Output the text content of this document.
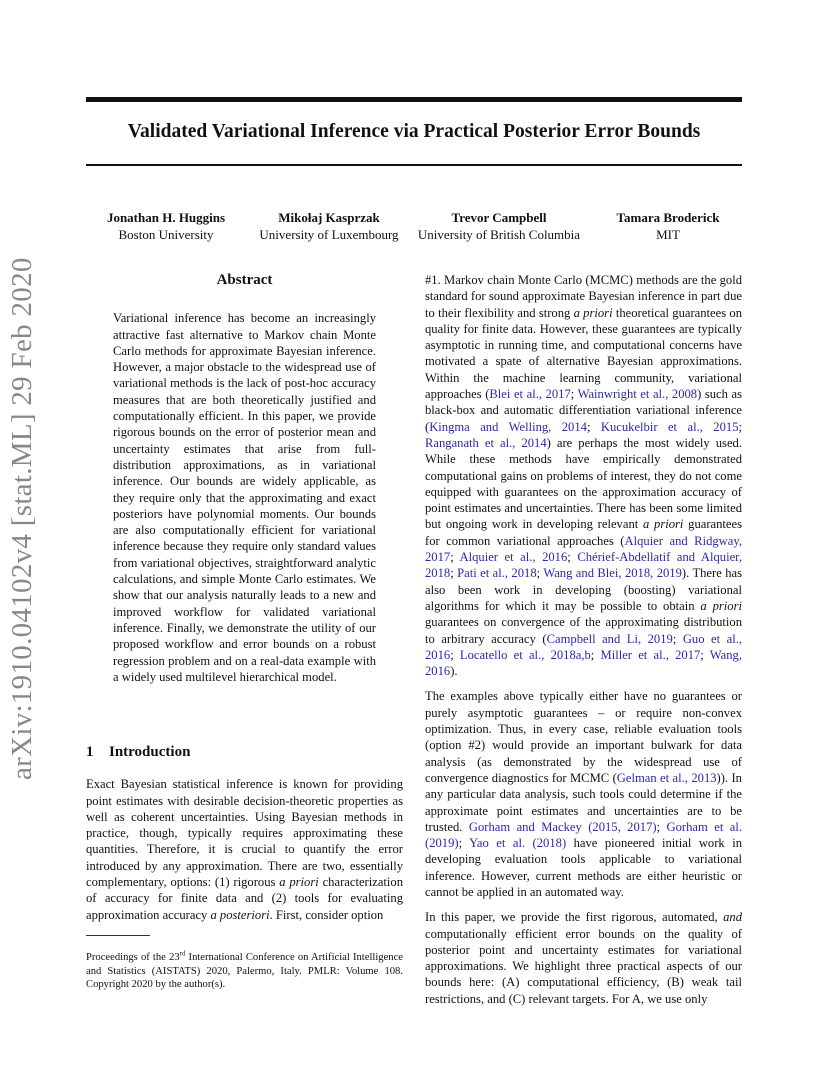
arXiv:1910.04102v4 [stat.ML] 29 Feb 2020
Validated Variational Inference via Practical Posterior Error Bounds
Jonathan H. Huggins
Boston University
Mikołaj Kasprzak
University of Luxembourg
Trevor Campbell
University of British Columbia
Tamara Broderick
MIT
Abstract

Variational inference has become an increasingly attractive fast alternative to Markov chain Monte Carlo methods for approximate Bayesian inference. However, a major obstacle to the widespread use of variational methods is the lack of post-hoc accuracy measures that are both theoretically justified and computationally efficient. In this paper, we provide rigorous bounds on the error of posterior mean and uncertainty estimates that arise from full-distribution approximations, as in variational inference. Our bounds are widely applicable, as they require only that the approximating and exact posteriors have polynomial moments. Our bounds are also computationally efficient for variational inference because they require only standard values from variational objectives, straightforward analytic calculations, and simple Monte Carlo estimates. We show that our analysis naturally leads to a new and improved workflow for validated variational inference. Finally, we demonstrate the utility of our proposed workflow and error bounds on a robust regression problem and on a real-data example with a widely used multilevel hierarchical model.

1 Introduction

Exact Bayesian statistical inference is known for providing point estimates with desirable decision-theoretic properties as well as coherent uncertainties. Using Bayesian methods in practice, though, typically requires approximating these quantities. Therefore, it is crucial to quantify the error introduced by any approximation. There are two, essentially complementary, options: (1) rigorous a priori characterization of accuracy for finite data and (2) tools for evaluating approximation accuracy a posteriori. First, consider option

Proceedings of the 23rd International Conference on Artificial Intelligence and Statistics (AISTATS) 2020, Palermo, Italy. PMLR: Volume 108. Copyright 2020 by the author(s).

#1. Markov chain Monte Carlo (MCMC) methods are the gold standard for sound approximate Bayesian inference in part due to their flexibility and strong a priori theoretical guarantees on quality for finite data. However, these guarantees are typically asymptotic in running time, and computational concerns have motivated a spate of alternative Bayesian approximations. Within the machine learning community, variational approaches (Blei et al., 2017; Wainwright et al., 2008) such as black-box and automatic differentiation variational inference (Kingma and Welling, 2014; Kucukelbir et al., 2015; Ranganath et al., 2014) are perhaps the most widely used. While these methods have empirically demonstrated computational gains on problems of interest, they do not come equipped with guarantees on the approximation accuracy of point estimates and uncertainties. There has been some limited but ongoing work in developing relevant a priori guarantees for common variational approaches (Alquier and Ridgway, 2017; Alquier et al., 2016; Chérief-Abdellatif and Alquier, 2018; Pati et al., 2018; Wang and Blei, 2018, 2019). There has also been work in developing (boosting) variational algorithms for which it may be possible to obtain a priori guarantees on convergence of the approximating distribution to arbitrary accuracy (Campbell and Li, 2019; Guo et al., 2016; Locatello et al., 2018a,b; Miller et al., 2017; Wang, 2016).

The examples above typically either have no guarantees or purely asymptotic guarantees – or require non-convex optimization. Thus, in every case, reliable evaluation tools (option #2) would provide an important bulwark for data analysis (as demonstrated by the widespread use of convergence diagnostics for MCMC (Gelman et al., 2013)). In any particular data analysis, such tools could determine if the approximate point estimates and uncertainties are to be trusted. Gorham and Mackey (2015, 2017); Gorham et al. (2019); Yao et al. (2018) have pioneered initial work in developing evaluation tools applicable to variational inference. However, current methods are either heuristic or cannot be applied in an automated way.

In this paper, we provide the first rigorous, automated, and computationally efficient error bounds on the quality of posterior point and uncertainty estimates for variational approximations. We highlight three practical aspects of our bounds here: (A) computational efficiency, (B) weak tail restrictions, and (C) relevant targets. For A, we use only
